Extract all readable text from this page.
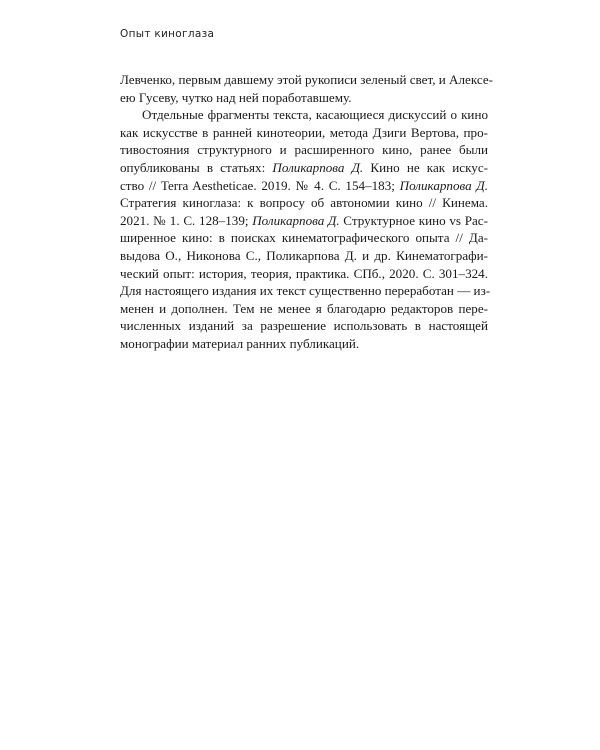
Опыт киноглаза
Левченко, первым давшему этой рукописи зеленый свет, и Алексе-
ею Гусеву, чутко над ней поработавшему.
Отдельные фрагменты текста, касающиеся дискуссий о кино
как искусстве в ранней кинотеории, метода Дзиги Вертова, про-
тивостояния структурного и расширенного кино, ранее были
опубликованы в статьях: Поликарпова Д. Кино не как искус-
ство // Terra Aestheticae. 2019. № 4. С. 154–183; Поликарпова Д.
Стратегия киноглаза: к вопросу об автономии кино // Кинема.
2021. № 1. С. 128–139; Поликарпова Д. Структурное кино vs Рас-
ширенное кино: в поисках кинематографического опыта // Да-
выдова О., Никонова С., Поликарпова Д. и др. Кинематографи-
ческий опыт: история, теория, практика. СПб., 2020. С. 301–324.
Для настоящего издания их текст существенно переработан — из-
менен и дополнен. Тем не менее я благодарю редакторов пере-
численных изданий за разрешение использовать в настоящей
монографии материал ранних публикаций.
